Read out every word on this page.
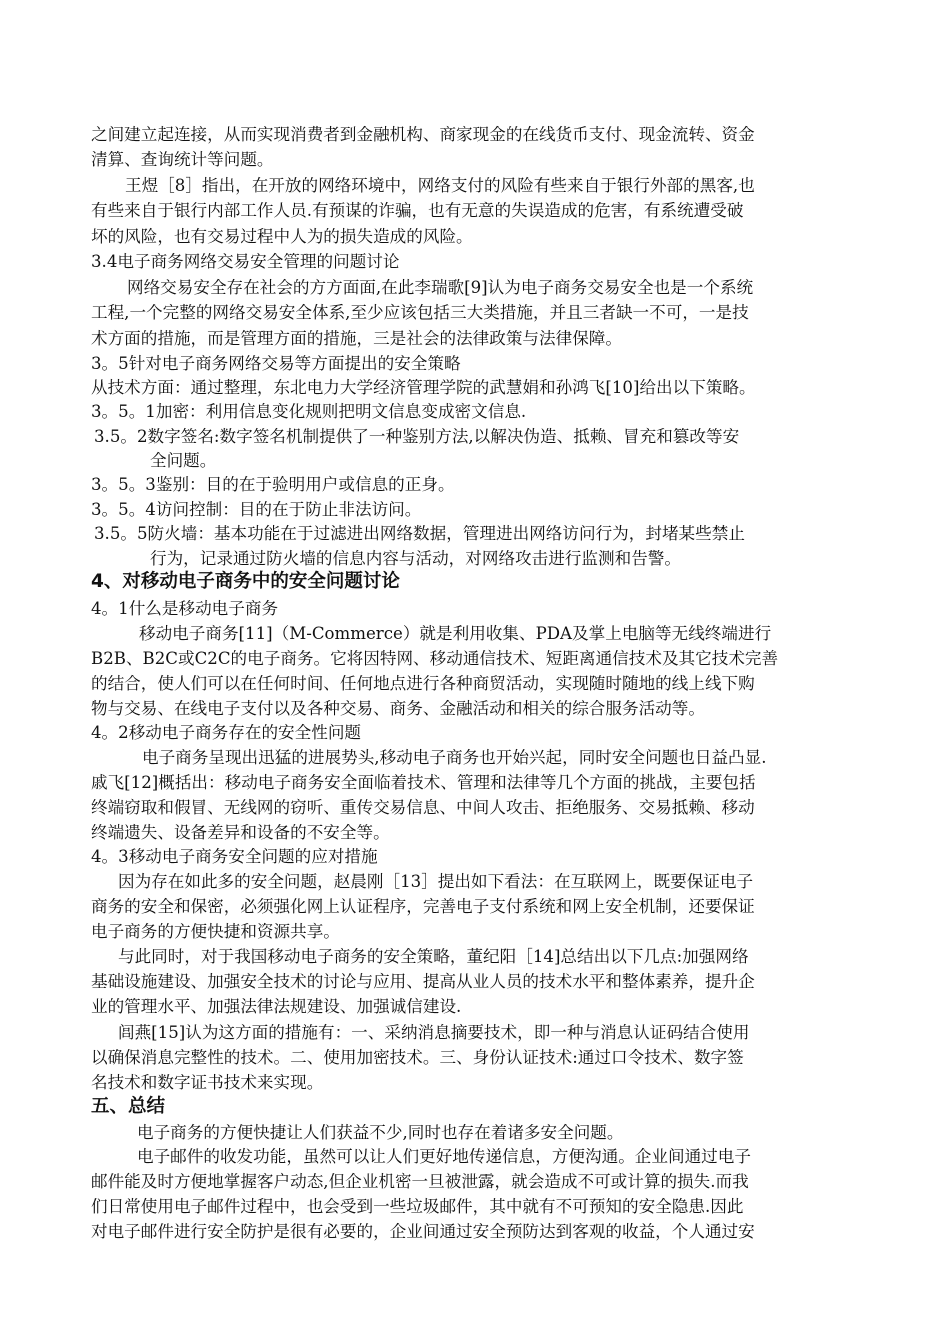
之间建立起连接，从而实现消费者到金融机构、商家现金的在线货币支付、现金流转、资金
清算、查询统计等问题。
王煜［8］指出，在开放的网络环境中，网络支付的风险有些来自于银行外部的黑客,也
有些来自于银行内部工作人员.有预谋的诈骗，也有无意的失误造成的危害，有系统遭受破
坏的风险，也有交易过程中人为的损失造成的风险。
3.4电子商务网络交易安全管理的问题讨论
网络交易安全存在社会的方方面面,在此李瑞歌[9]认为电子商务交易安全也是一个系统
工程,一个完整的网络交易安全体系,至少应该包括三大类措施，并且三者缺一不可，一是技
术方面的措施，而是管理方面的措施，三是社会的法律政策与法律保障。
3。5针对电子商务网络交易等方面提出的安全策略
从技术方面：通过整理，东北电力大学经济管理学院的武慧娟和孙鸿飞[10]给出以下策略。
3。5。1加密：利用信息变化规则把明文信息变成密文信息.
3.5。2数字签名:数字签名机制提供了一种鉴别方法,以解决伪造、抵赖、冒充和篡改等安
全问题。
3。5。3鉴别：目的在于验明用户或信息的正身。
3。5。4访问控制：目的在于防止非法访问。
3.5。5防火墙：基本功能在于过滤进出网络数据，管理进出网络访问行为，封堵某些禁止
行为，记录通过防火墙的信息内容与活动，对网络攻击进行监测和告警。
4、对移动电子商务中的安全问题讨论
4。1什么是移动电子商务
移动电子商务[11]（M-Commerce）就是利用收集、PDA及掌上电脑等无线终端进行
B2B、B2C或C2C的电子商务。它将因特网、移动通信技术、短距离通信技术及其它技术完善
的结合，使人们可以在任何时间、任何地点进行各种商贸活动，实现随时随地的线上线下购
物与交易、在线电子支付以及各种交易、商务、金融活动和相关的综合服务活动等。
4。2移动电子商务存在的安全性问题
电子商务呈现出迅猛的进展势头,移动电子商务也开始兴起，同时安全问题也日益凸显.
戚飞[12]概括出：移动电子商务安全面临着技术、管理和法律等几个方面的挑战，主要包括
终端窃取和假冒、无线网的窃听、重传交易信息、中间人攻击、拒绝服务、交易抵赖、移动
终端遗失、设备差异和设备的不安全等。
4。3移动电子商务安全问题的应对措施
因为存在如此多的安全问题，赵晨刚［13］提出如下看法：在互联网上，既要保证电子
商务的安全和保密，必须强化网上认证程序，完善电子支付系统和网上安全机制，还要保证
电子商务的方便快捷和资源共享。
与此同时，对于我国移动电子商务的安全策略，董纪阳［14]总结出以下几点:加强网络
基础设施建设、加强安全技术的讨论与应用、提高从业人员的技术水平和整体素养，提升企
业的管理水平、加强法律法规建设、加强诚信建设.
闾燕[15]认为这方面的措施有：一、采纳消息摘要技术，即一种与消息认证码结合使用
以确保消息完整性的技术。二、使用加密技术。三、身份认证技术:通过口令技术、数字签
名技术和数字证书技术来实现。
五、总结
电子商务的方便快捷让人们获益不少,同时也存在着诸多安全问题。
电子邮件的收发功能，虽然可以让人们更好地传递信息，方便沟通。企业间通过电子
邮件能及时方便地掌握客户动态,但企业机密一旦被泄露，就会造成不可或计算的损失.而我
们日常使用电子邮件过程中，也会受到一些垃圾邮件，其中就有不可预知的安全隐患.因此
对电子邮件进行安全防护是很有必要的，企业间通过安全预防达到客观的收益，个人通过安
